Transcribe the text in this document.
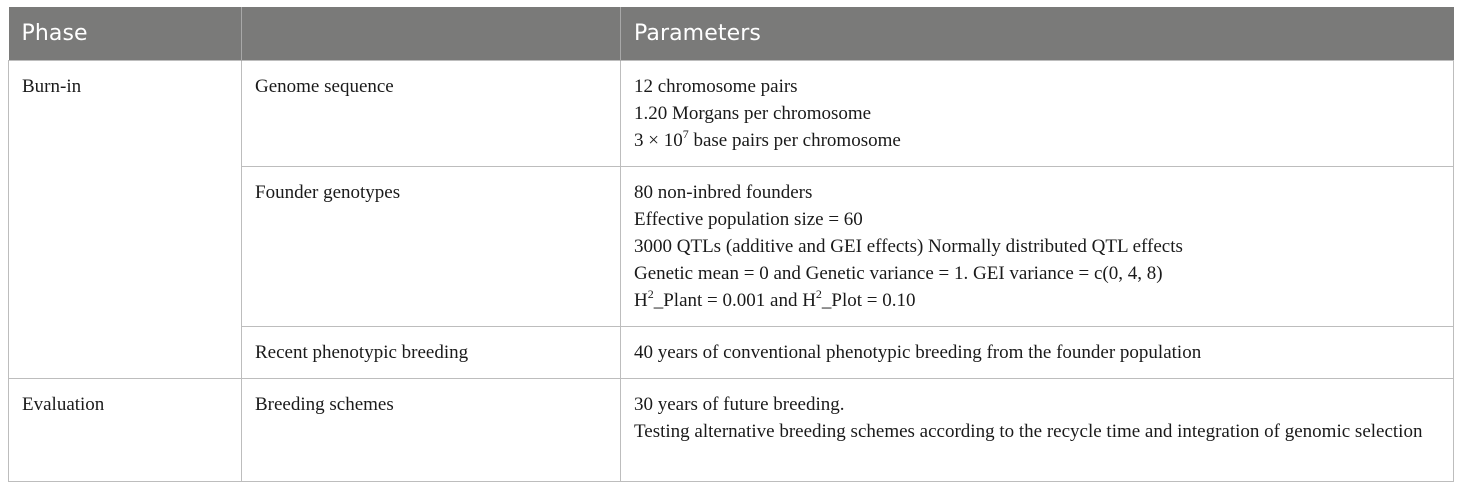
Phase		Parameters
Burn-in	Genome sequence	12 chromosome pairs
1.20 Morgans per chromosome
$3 \times 10^7$ base pairs per chromosome

	Founder genotypes	80 non-inbred founders
Effective population size = 60
3000 QTLs (additive and GEI effects) Normally distributed QTL effects
Genetic mean = 0 and Genetic variance = 1. GEI variance = c(0, 4, 8)
$H^2\_Plant = 0.001$ and $H^2\_Plot = 0.10$

	Recent phenotypic breeding	40 years of conventional phenotypic breeding from the founder population
Evaluation	Breeding schemes	30 years of future breeding.
Testing alternative breeding schemes according to the recycle time and integration of genomic selection
